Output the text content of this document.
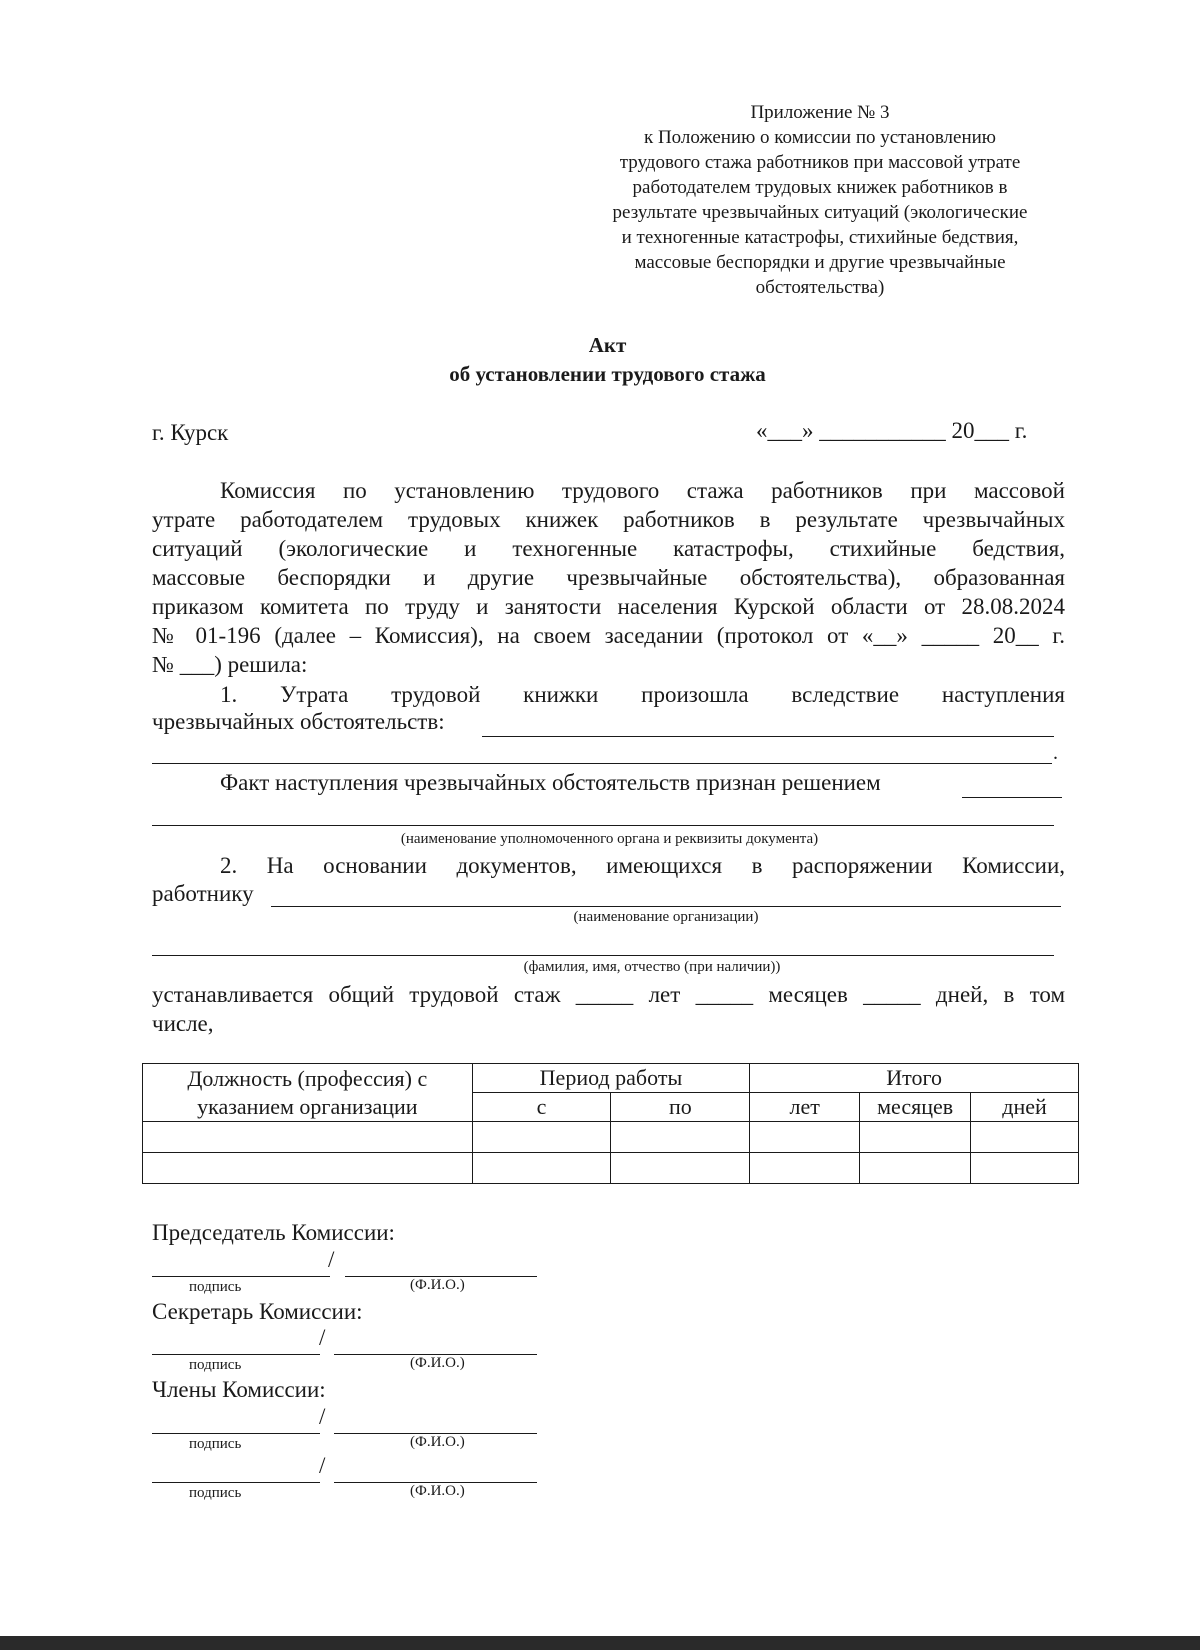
Приложение № 3
к Положению о комиссии по установлению
трудового стажа работников при массовой утрате
работодателем трудовых книжек работников в
результате чрезвычайных ситуаций (экологические
и техногенные катастрофы, стихийные бедствия,
массовые беспорядки и другие чрезвычайные
обстоятельства)
Акт
об установлении трудового стажа
г. Курск	«___» ___________ 20___ г.
Комиссия по установлению трудового стажа работников при массовой
утрате работодателем трудовых книжек работников в результате чрезвычайных
ситуаций (экологические и техногенные катастрофы, стихийные бедствия,
массовые беспорядки и другие чрезвычайные обстоятельства), образованная
приказом комитета по труду и занятости населения Курской области от 28.08.2024
№ 01-196 (далее – Комиссия), на своем заседании (протокол от «__» _____ 20__ г.
№ ___) решила:
1. Утрата трудовой книжки произошла вследствие наступления
чрезвычайных обстоятельств:
.
Факт наступления чрезвычайных обстоятельств признан решением
(наименование уполномоченного органа и реквизиты документа)
2. На основании документов, имеющихся в распоряжении Комиссии,
работнику
(наименование организации)
(фамилия, имя, отчество (при наличии))
устанавливается общий трудовой стаж _____ лет _____ месяцев _____ дней, в том
числе,
Должность (профессия) с
указанием организации	Период работы		Итого		
	с	по	лет	месяцев	дней

Председатель Комиссии:
/
подпись	(Ф.И.О.)
Секретарь Комиссии:
/
подпись	(Ф.И.О.)
Члены Комиссии:
/
подпись	(Ф.И.О.)
/
подпись	(Ф.И.О.)
